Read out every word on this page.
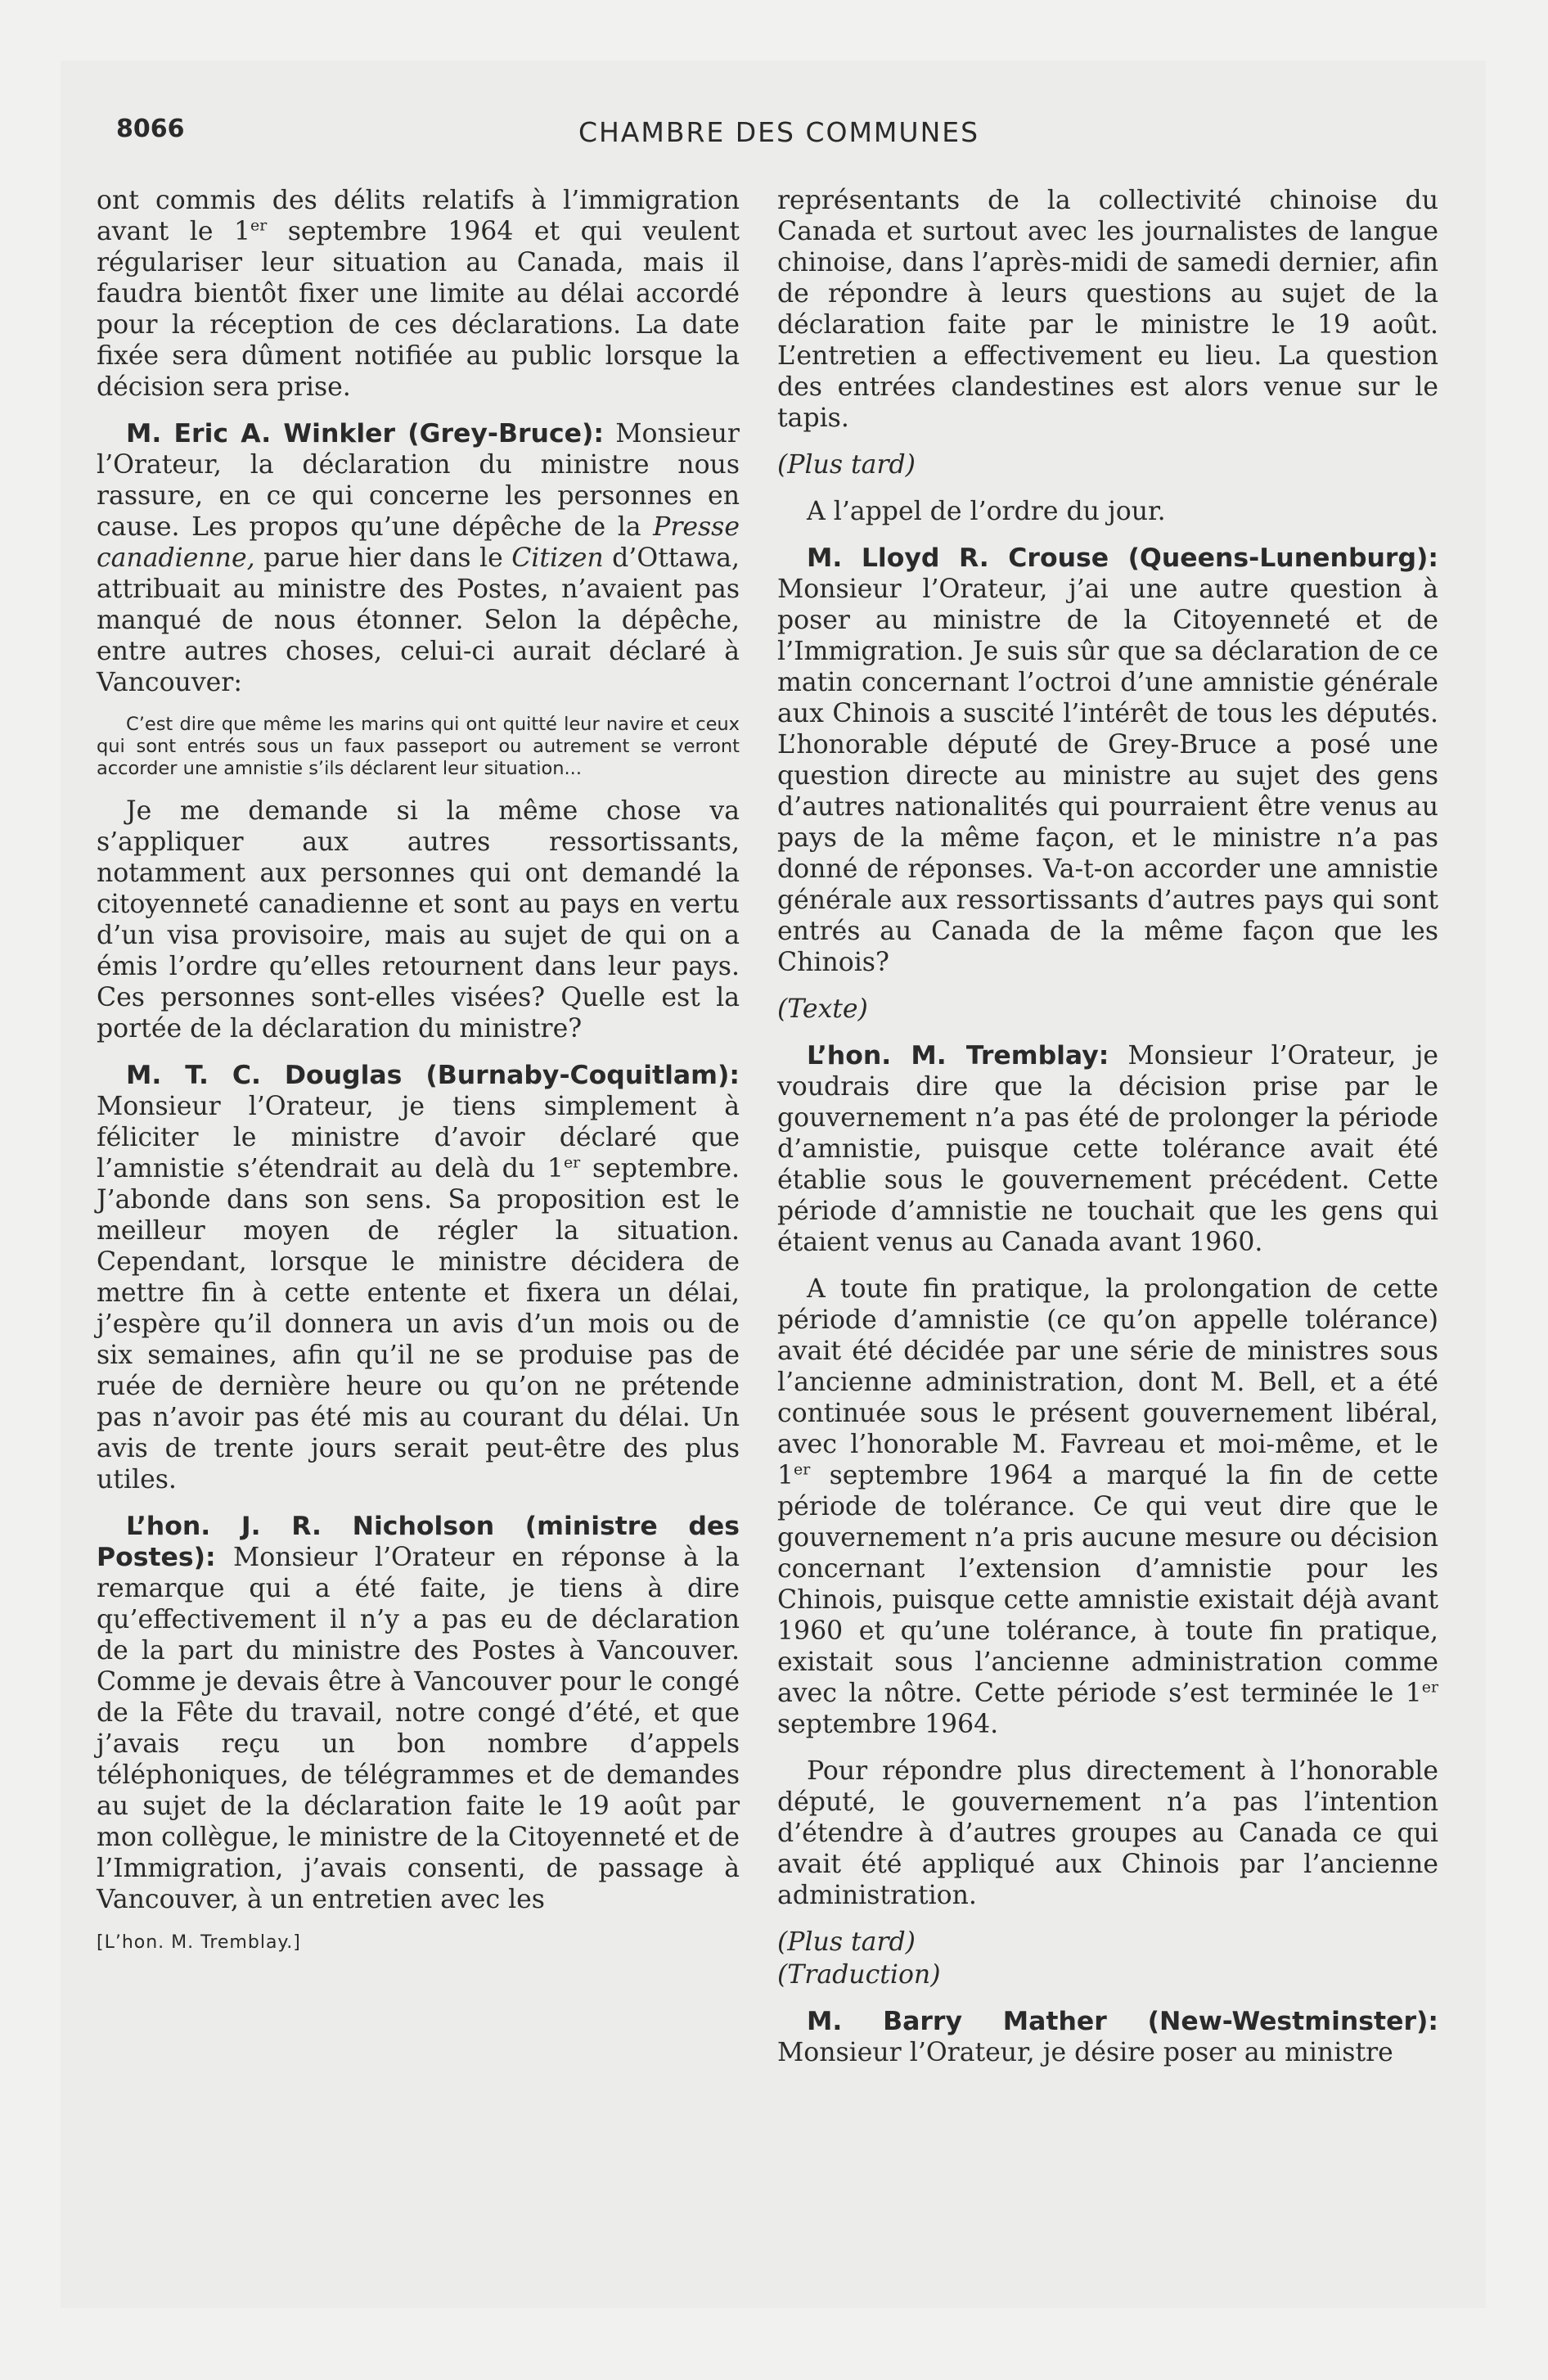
8066	CHAMBRE DES COMMUNES

ont commis des délits relatifs à l’immigration avant le 1er septembre 1964 et qui veulent régulariser leur situation au Canada, mais il faudra bientôt fixer une limite au délai accordé pour la réception de ces déclarations. La date fixée sera dûment notifiée au public lorsque la décision sera prise.

M. Eric A. Winkler (Grey-Bruce): Monsieur l’Orateur, la déclaration du ministre nous rassure, en ce qui concerne les personnes en cause. Les propos qu’une dépêche de la Presse canadienne, parue hier dans le Citizen d’Ottawa, attribuait au ministre des Postes, n’avaient pas manqué de nous étonner. Selon la dépêche, entre autres choses, celui-ci aurait déclaré à Vancouver:

C’est dire que même les marins qui ont quitté leur navire et ceux qui sont entrés sous un faux passeport ou autrement se verront accorder une amnistie s’ils déclarent leur situation...

Je me demande si la même chose va s’appliquer aux autres ressortissants, notamment aux personnes qui ont demandé la citoyenneté canadienne et sont au pays en vertu d’un visa provisoire, mais au sujet de qui on a émis l’ordre qu’elles retournent dans leur pays. Ces personnes sont-elles visées? Quelle est la portée de la déclaration du ministre?

M. T. C. Douglas (Burnaby-Coquitlam): Monsieur l’Orateur, je tiens simplement à féliciter le ministre d’avoir déclaré que l’amnistie s’étendrait au delà du 1er septembre. J’abonde dans son sens. Sa proposition est le meilleur moyen de régler la situation. Cependant, lorsque le ministre décidera de mettre fin à cette entente et fixera un délai, j’espère qu’il donnera un avis d’un mois ou de six semaines, afin qu’il ne se produise pas de ruée de dernière heure ou qu’on ne prétende pas n’avoir pas été mis au courant du délai. Un avis de trente jours serait peut-être des plus utiles.

L’hon. J. R. Nicholson (ministre des Postes): Monsieur l’Orateur en réponse à la remarque qui a été faite, je tiens à dire qu’effectivement il n’y a pas eu de déclaration de la part du ministre des Postes à Vancouver. Comme je devais être à Vancouver pour le congé de la Fête du travail, notre congé d’été, et que j’avais reçu un bon nombre d’appels téléphoniques, de télégrammes et de demandes au sujet de la déclaration faite le 19 août par mon collègue, le ministre de la Citoyenneté et de l’Immigration, j’avais consenti, de passage à Vancouver, à un entretien avec les

[L’hon. M. Tremblay.]

représentants de la collectivité chinoise du Canada et surtout avec les journalistes de langue chinoise, dans l’après-midi de samedi dernier, afin de répondre à leurs questions au sujet de la déclaration faite par le ministre le 19 août. L’entretien a effectivement eu lieu. La question des entrées clandestines est alors venue sur le tapis.

(Plus tard)

A l’appel de l’ordre du jour.

M. Lloyd R. Crouse (Queens-Lunenburg): Monsieur l’Orateur, j’ai une autre question à poser au ministre de la Citoyenneté et de l’Immigration. Je suis sûr que sa déclaration de ce matin concernant l’octroi d’une amnistie générale aux Chinois a suscité l’intérêt de tous les députés. L’honorable député de Grey-Bruce a posé une question directe au ministre au sujet des gens d’autres nationalités qui pourraient être venus au pays de la même façon, et le ministre n’a pas donné de réponses. Va-t-on accorder une amnistie générale aux ressortissants d’autres pays qui sont entrés au Canada de la même façon que les Chinois?

(Texte)

L’hon. M. Tremblay: Monsieur l’Orateur, je voudrais dire que la décision prise par le gouvernement n’a pas été de prolonger la période d’amnistie, puisque cette tolérance avait été établie sous le gouvernement précédent. Cette période d’amnistie ne touchait que les gens qui étaient venus au Canada avant 1960.

A toute fin pratique, la prolongation de cette période d’amnistie (ce qu’on appelle tolérance) avait été décidée par une série de ministres sous l’ancienne administration, dont M. Bell, et a été continuée sous le présent gouvernement libéral, avec l’honorable M. Favreau et moi-même, et le 1er septembre 1964 a marqué la fin de cette période de tolérance. Ce qui veut dire que le gouvernement n’a pris aucune mesure ou décision concernant l’extension d’amnistie pour les Chinois, puisque cette amnistie existait déjà avant 1960 et qu’une tolérance, à toute fin pratique, existait sous l’ancienne administration comme avec la nôtre. Cette période s’est terminée le 1er septembre 1964.

Pour répondre plus directement à l’honorable député, le gouvernement n’a pas l’intention d’étendre à d’autres groupes au Canada ce qui avait été appliqué aux Chinois par l’ancienne administration.

(Plus tard)

(Traduction)

M. Barry Mather (New-Westminster): Monsieur l’Orateur, je désire poser au ministre
